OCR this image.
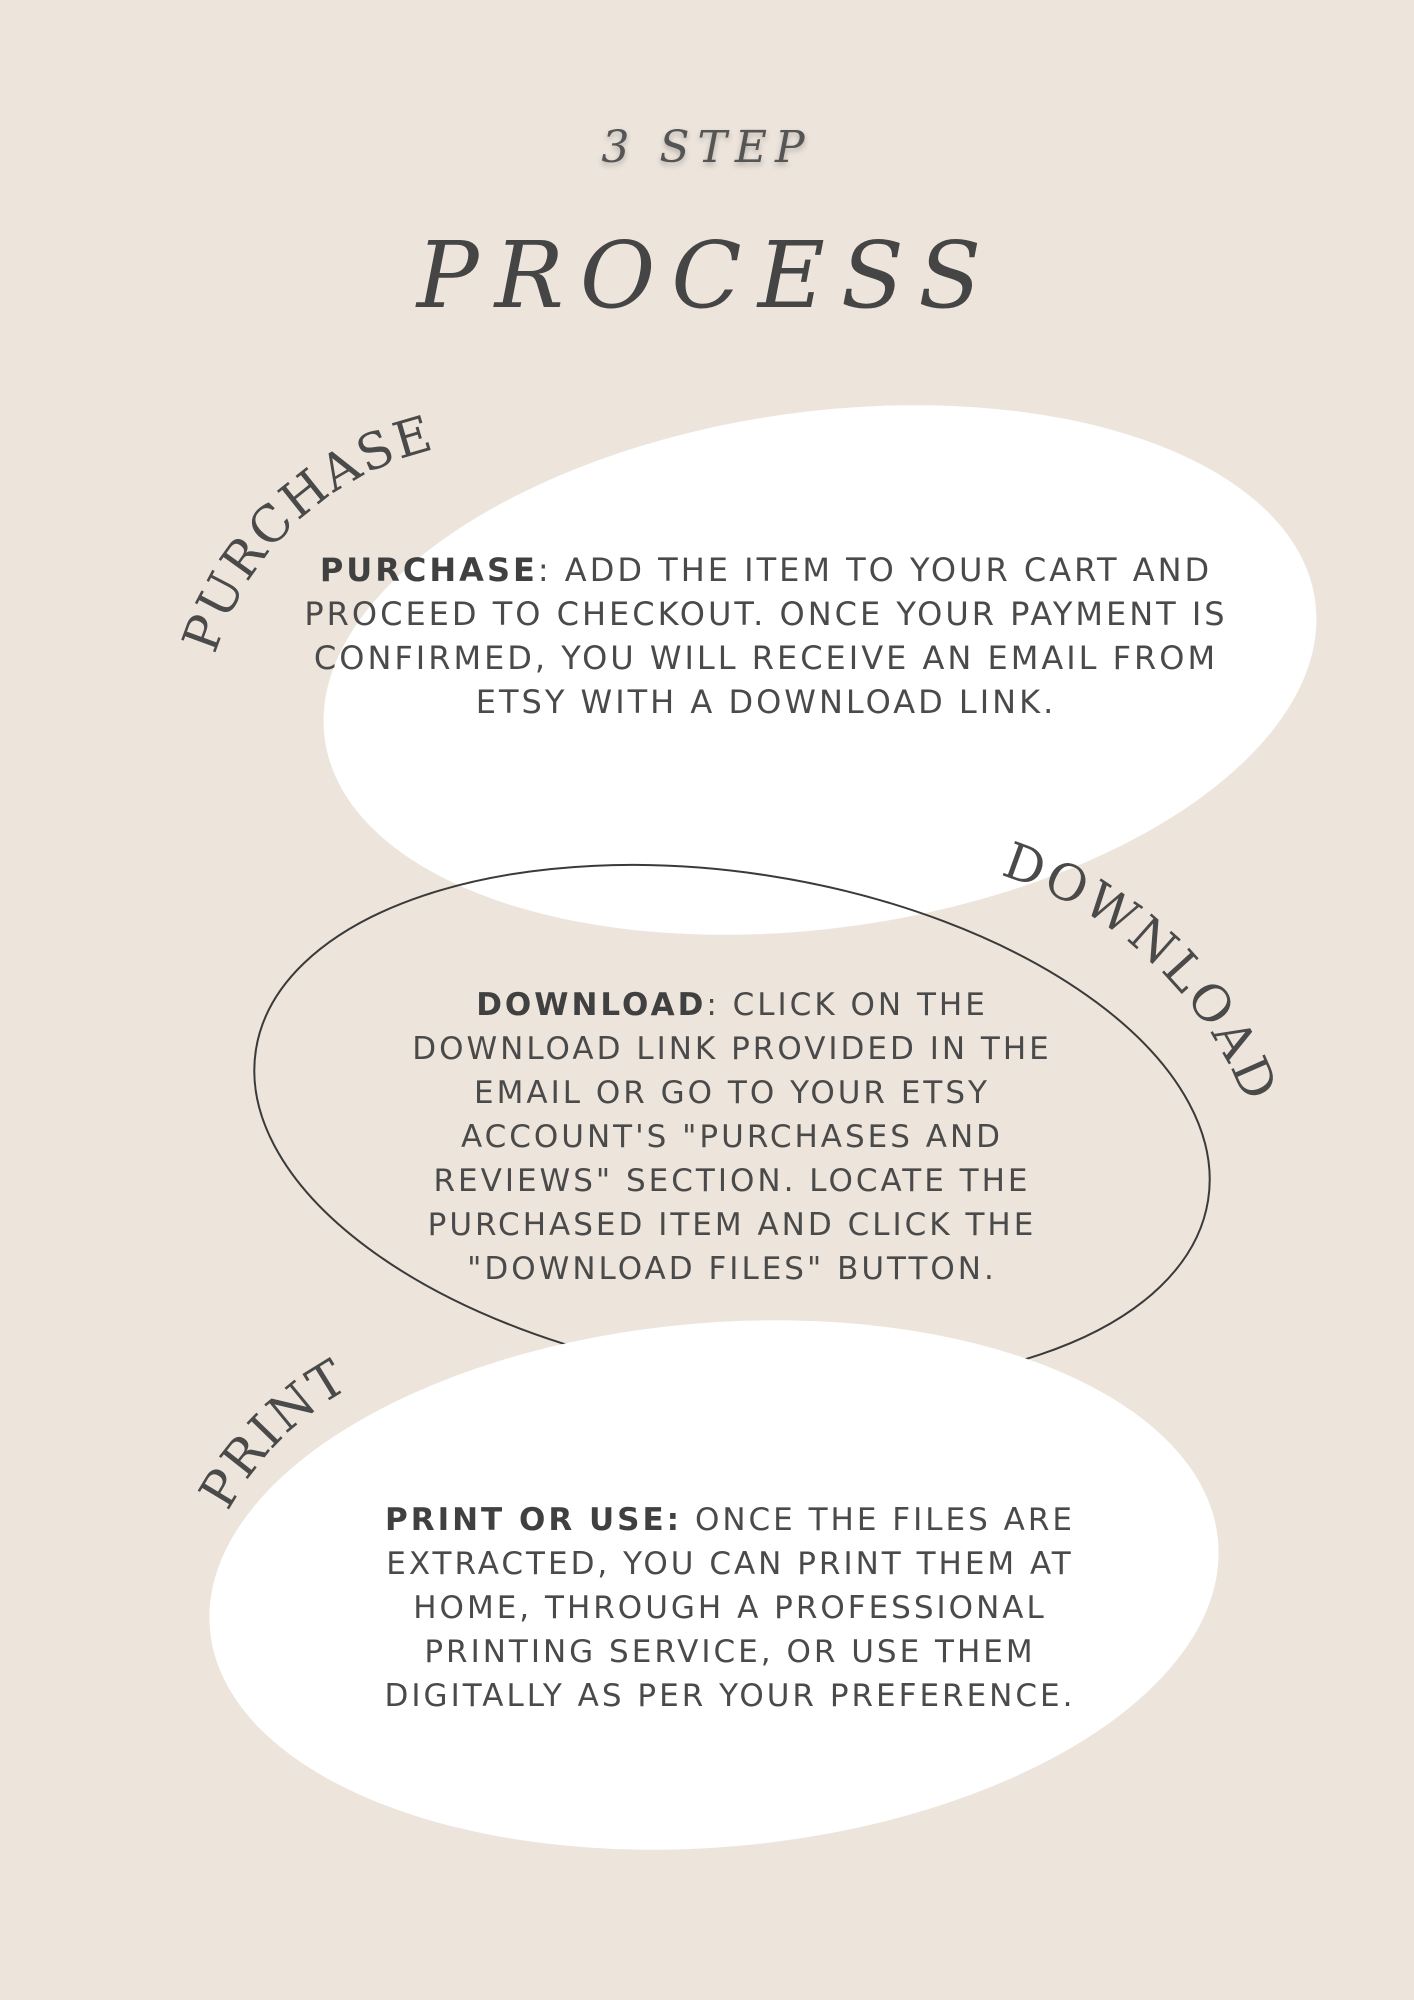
PURCHASE
DOWNLOAD
PRINT
3 STEP
PROCESS
PURCHASE: ADD THE ITEM TO YOUR CART AND PROCEED TO CHECKOUT. ONCE YOUR PAYMENT IS CONFIRMED, YOU WILL RECEIVE AN EMAIL FROM ETSY WITH A DOWNLOAD LINK.
DOWNLOAD: CLICK ON THE DOWNLOAD LINK PROVIDED IN THE EMAIL OR GO TO YOUR ETSY ACCOUNT'S "PURCHASES AND REVIEWS" SECTION. LOCATE THE PURCHASED ITEM AND CLICK THE "DOWNLOAD FILES" BUTTON.
PRINT OR USE: ONCE THE FILES ARE EXTRACTED, YOU CAN PRINT THEM AT HOME, THROUGH A PROFESSIONAL PRINTING SERVICE, OR USE THEM DIGITALLY AS PER YOUR PREFERENCE.
